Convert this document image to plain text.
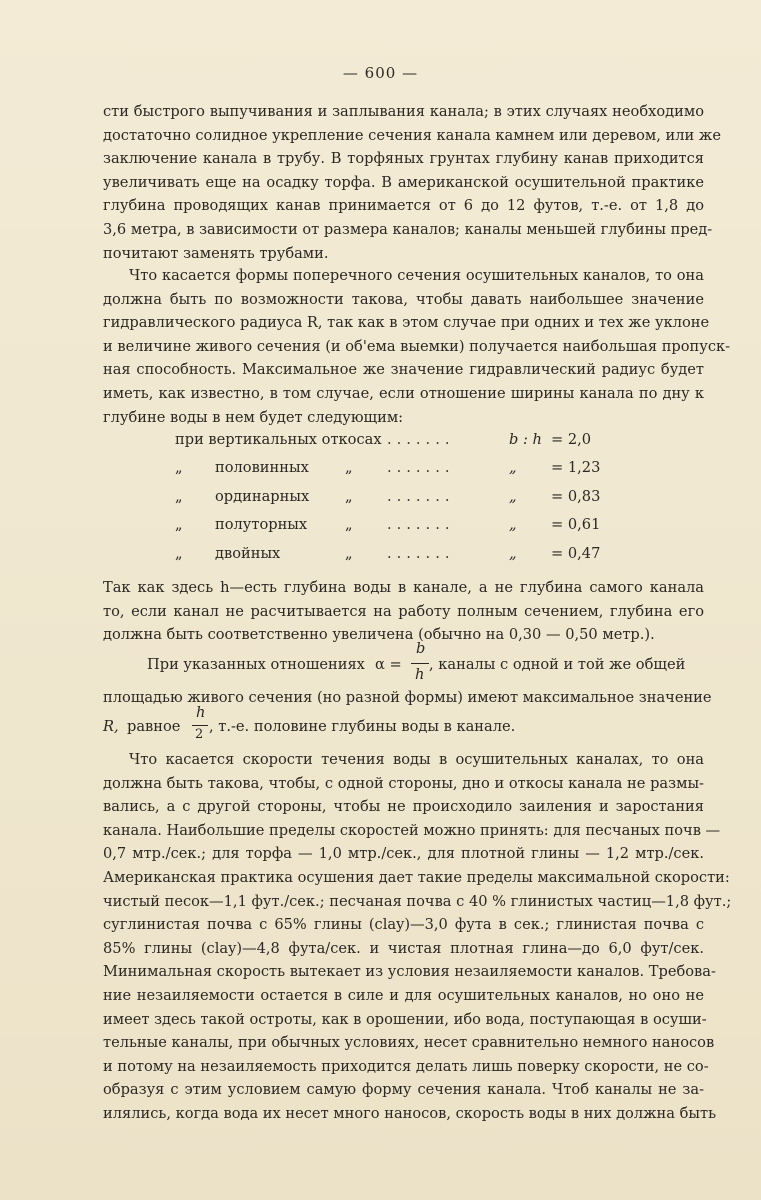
— 600 —
сти быстрого выпучивания и заплывания канала; в этих случаях необходимо
достаточно солидное укрепление сечения канала камнем или деревом, или же
заключение канала в трубу. В торфяных грунтах глубину канав приходится
увеличивать еще на осадку торфа. В американской осушительной практике
глубина проводящих канав принимается от 6 до 12 футов, т.-е. от 1,8 до
3,6 метра, в зависимости от размера каналов; каналы меньшей глубины пред-
почитают заменять трубами.
Что касается формы поперечного сечения осушительных каналов, то она
должна быть по возможности такова, чтобы давать наибольшее значение
гидравлического радиуса R, так как в этом случае при одних и тех же уклоне
и величине живого сечения (и об'ема выемки) получается наибольшая пропуск-
ная способность. Максимальное же значение гидравлический радиус будет
иметь, как известно, в том случае, если отношение ширины канала по дну к
глубине воды в нем будет следующим:
при вертикальных откосах .......	b : h = 2,0
„ половинных „ .......	„ = 1,23
„ ординарных „ .......	„ = 0,83
„ полуторных	„ .......	„ = 0,61
„ двойных	„ .......	„ = 0,47
Так как здесь h—есть глубина воды в канале, а не глубина самого канала
то, если канал не расчитывается на работу полным сечением, глубина его
должна быть соответственно увеличена (обычно на 0,30 — 0,50 метр.).
При указанных отношениях α =
b
h
, каналы с одной и той же общей
площадью живого сечения (но разной формы) имеют максимальное значение
R, равное
h
2 , т.-е. половине глубины воды в канале.
Что касается скорости течения воды в осушительных каналах, то она
должна быть такова, чтобы, с одной стороны, дно и откосы канала не размы-
вались, а с другой стороны, чтобы не происходило заиления и заростания
канала. Наибольшие пределы скоростей можно принять: для песчаных почв —
0,7 мтр./сек.; для торфа — 1,0 мтр./сек., для плотной глины — 1,2 мтр./сек.
Американская практика осушения дает такие пределы максимальной скорости:
чистый песок—1,1 фут./сек.; песчаная почва с 40 % глинистых частиц—1,8 фут.;
суглинистая почва с 65% глины (clay)—3,0 фута в сек.; глинистая почва с
85% глины (clay)—4,8 фута/сек. и чистая плотная глина—до 6,0 фут/сек.
Минимальная скорость вытекает из условия незаиляемости каналов. Требова-
ние незаиляемости остается в силе и для осушительных каналов, но оно не
имеет здесь такой остроты, как в орошении, ибо вода, поступающая в осуши-
тельные каналы, при обычных условиях, несет сравнительно немного наносов
и потому на незаиляемость приходится делать лишь поверку скорости, не со-
образуя с этим условием самую форму сечения канала. Чтоб каналы не за-
илялись, когда вода их несет много наносов, скорость воды в них должна быть
